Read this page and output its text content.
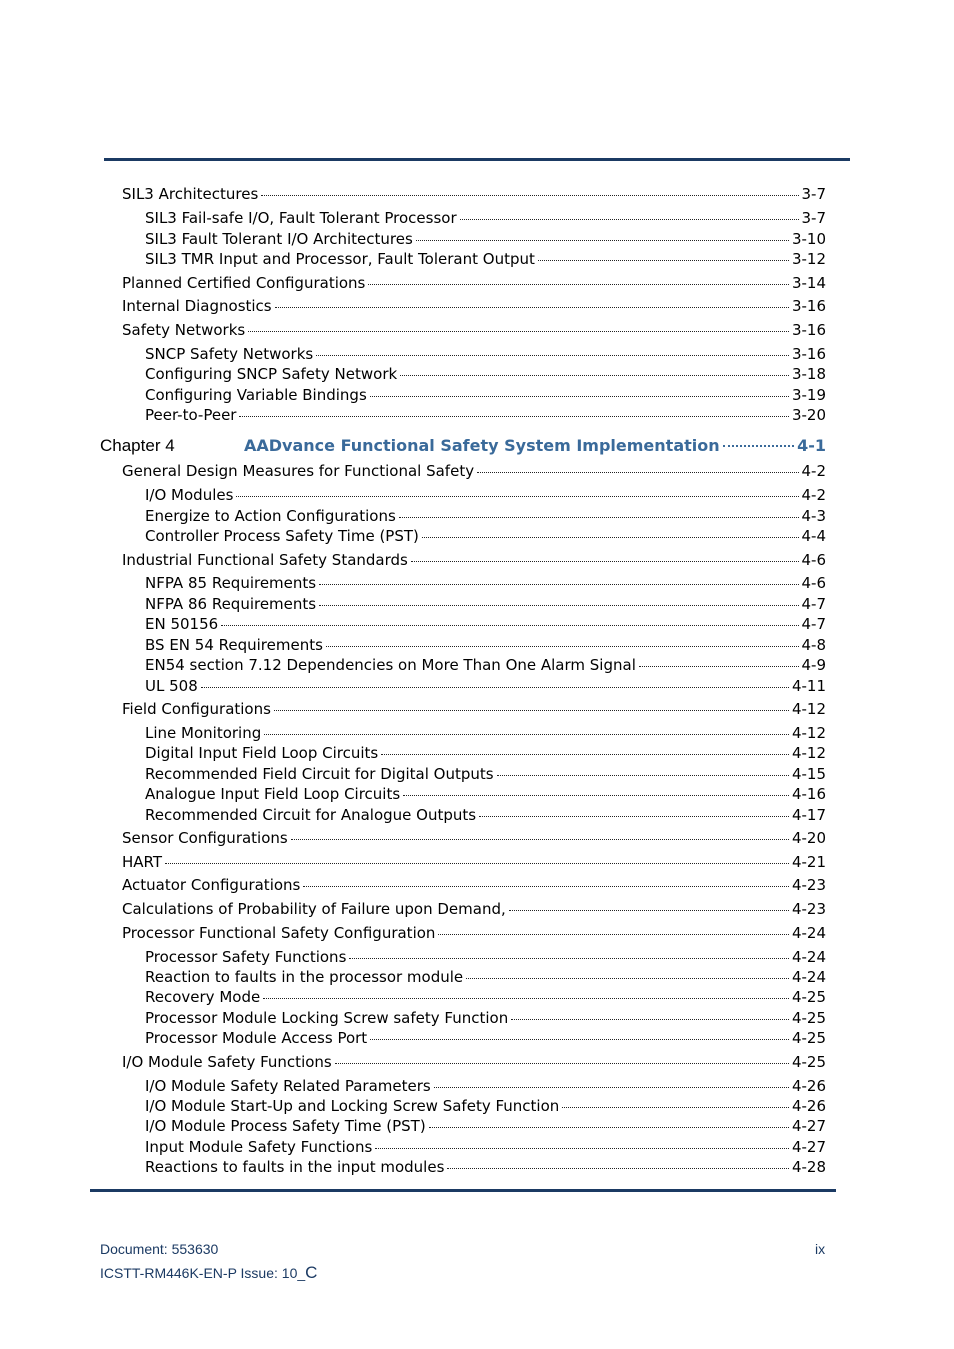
SIL3 Architectures	3-7
SIL3 Fail-safe I/O, Fault Tolerant Processor	3-7
SIL3 Fault Tolerant I/O Architectures	3-10
SIL3 TMR Input and Processor, Fault Tolerant Output	3-12
Planned Certified Configurations	3-14
Internal Diagnostics	3-16
Safety Networks	3-16
SNCP Safety Networks	3-16
Configuring SNCP Safety Network	3-18
Configuring Variable Bindings	3-19
Peer-to-Peer	3-20
Chapter 4	AADvance Functional Safety System Implementation	4-1
General Design Measures for Functional Safety	4-2
I/O Modules	4-2
Energize to Action Configurations	4-3
Controller Process Safety Time (PST)	4-4
Industrial Functional Safety Standards	4-6
NFPA 85 Requirements	4-6
NFPA 86 Requirements	4-7
EN 50156	4-7
BS EN 54 Requirements	4-8
EN54 section 7.12 Dependencies on More Than One Alarm Signal	4-9
UL 508	4-11
Field Configurations	4-12
Line Monitoring	4-12
Digital Input Field Loop Circuits	4-12
Recommended Field Circuit for Digital Outputs	4-15
Analogue Input Field Loop Circuits	4-16
Recommended Circuit for Analogue Outputs	4-17
Sensor Configurations	4-20
HART	4-21
Actuator Configurations	4-23
Calculations of Probability of Failure upon Demand,	4-23
Processor Functional Safety Configuration	4-24
Processor Safety Functions	4-24
Reaction to faults in the processor module	4-24
Recovery Mode	4-25
Processor Module Locking Screw safety Function	4-25
Processor Module Access Port	4-25
I/O Module Safety Functions	4-25
I/O Module Safety Related Parameters	4-26
I/O Module Start-Up and Locking Screw Safety Function	4-26
I/O Module Process Safety Time (PST)	4-27
Input Module Safety Functions	4-27
Reactions to faults in the input modules	4-28
Document: 553630
ICSTT-RM446K-EN-P Issue: 10_C
ix
